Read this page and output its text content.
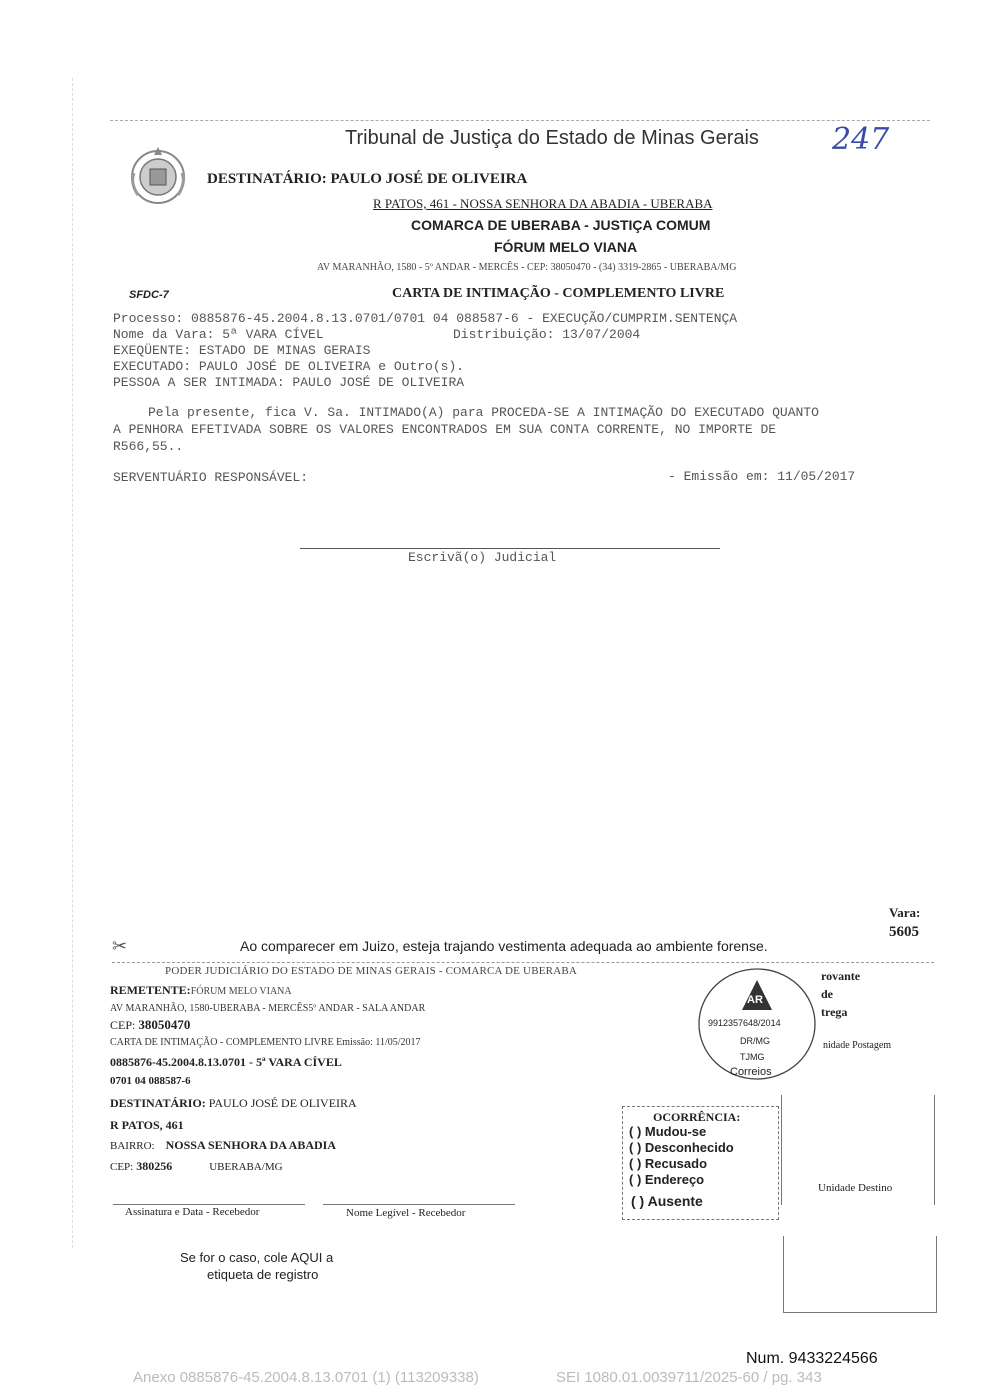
Tribunal de Justiça do Estado de Minas Gerais 247
DESTINATÁRIO: PAULO JOSÉ DE OLIVEIRA
R PATOS, 461 - NOSSA SENHORA DA ABADIA - UBERABA
COMARCA DE UBERABA - JUSTIÇA COMUM
FÓRUM MELO VIANA
AV MARANHÃO, 1580 - 5º ANDAR - MERCÊS - CEP: 38050470 - (34) 3319-2865 - UBERABA/MG
SFDC-7	CARTA DE INTIMAÇÃO - COMPLEMENTO LIVRE
Processo: 0885876-45.2004.8.13.0701/0701 04 088587-6 - EXECUÇÃO/CUMPRIM.SENTENÇA
Nome da Vara: 5ª VARA CÍVEL	Distribuição: 13/07/2004
EXEQÜENTE: ESTADO DE MINAS GERAIS
EXECUTADO: PAULO JOSÉ DE OLIVEIRA e Outro(s).
PESSOA A SER INTIMADA: PAULO JOSÉ DE OLIVEIRA
Pela presente, fica V. Sa. INTIMADO(A) para PROCEDA-SE A INTIMAÇÃO DO EXECUTADO QUANTO
A PENHORA EFETIVADA SOBRE OS VALORES ENCONTRADOS EM SUA CONTA CORRENTE, NO IMPORTE DE
R566,55..
SERVENTUÁRIO RESPONSÁVEL:	- Emissão em: 11/05/2017
Escrivã(o) Judicial
Vara:
5605
✂	Ao comparecer em Juizo, esteja trajando vestimenta adequada ao ambiente forense.
PODER JUDICIÁRIO DO ESTADO DE MINAS GERAIS - COMARCA DE UBERABA
REMETENTE:FÓRUM MELO VIANA
AV MARANHÃO, 1580-UBERABA - MERCÊS5º ANDAR - SALA ANDAR
CEP: 38050470
CARTA DE INTIMAÇÃO - COMPLEMENTO LIVRE Emissão: 11/05/2017
0885876-45.2004.8.13.0701 - 5ª VARA CÍVEL
0701 04 088587-6
DESTINATÁRIO: PAULO JOSÉ DE OLIVEIRA
R PATOS, 461
BAIRRO: NOSSA SENHORA DA ABADIA
CEP: 380256	UBERABA/MG
Assinatura e Data - Recebedor	Nome Legível - Recebedor
Se for o caso, cole AQUI a
etiqueta de registro
AR
9912357648/2014
DR/MG
TJMG
Correios
rovante
de
trega
nidade Postagem
Unidade Destino
OCORRÊNCIA:
( ) Mudou-se
( ) Desconhecido
( ) Recusado
( ) Endereço
( ) Ausente
Num. 9433224566
Anexo 0885876-45.2004.8.13.0701 (1) (113209338)	SEI 1080.01.0039711/2025-60 / pg. 343
